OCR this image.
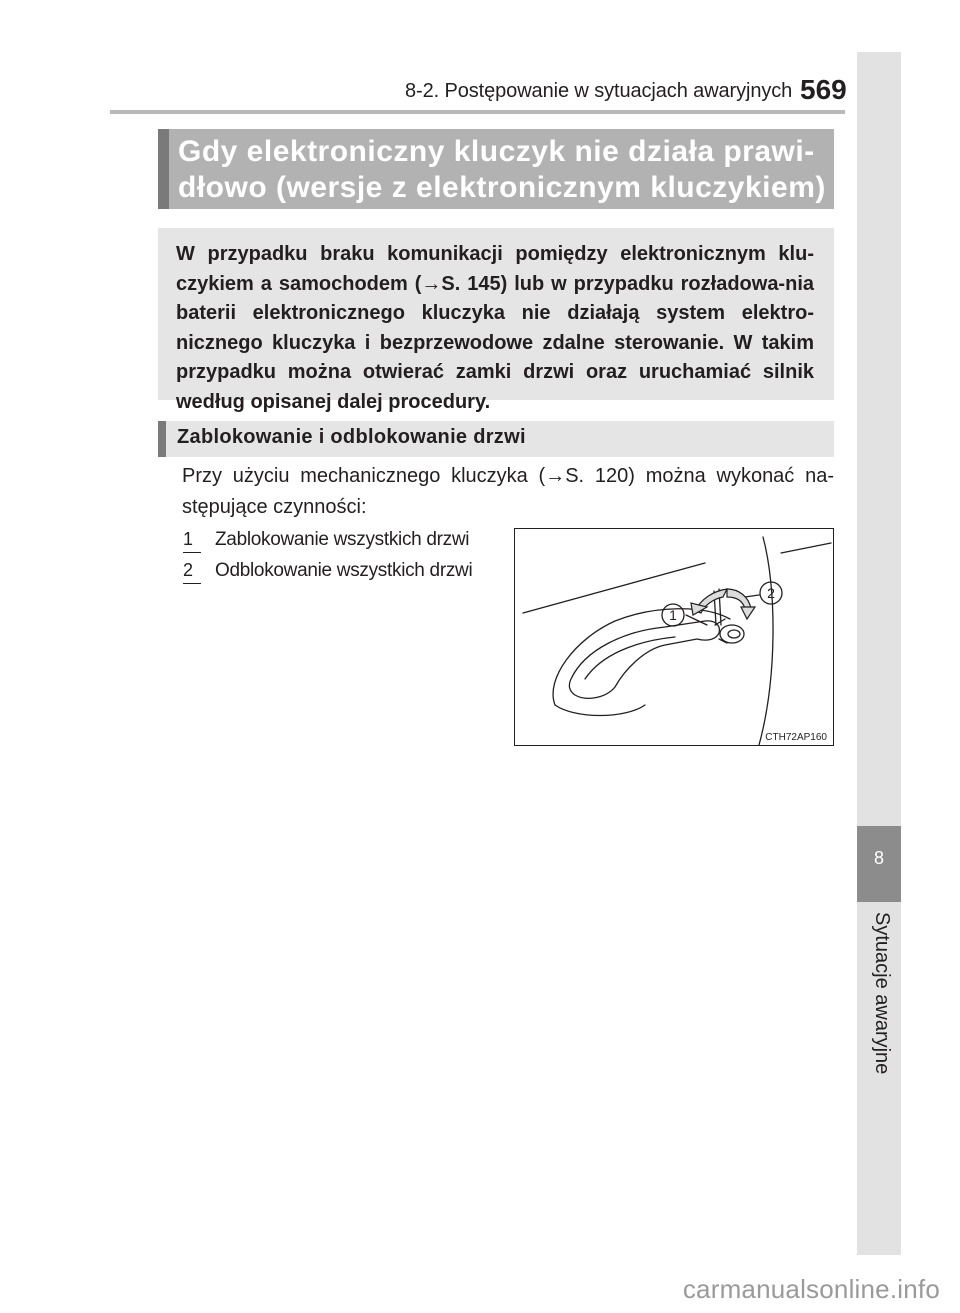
8
Sytuacje awaryjne
8-2. Postępowanie w sytuacjach awaryjnych 569
Gdy elektroniczny kluczyk nie działa prawi-
dłowo (wersje z elektronicznym kluczykiem)
W przypadku braku komunikacji pomiędzy elektronicznym klu-czykiem a samochodem (→S. 145) lub w przypadku rozładowa-nia baterii elektronicznego kluczyka nie działają system elektro-nicznego kluczyka i bezprzewodowe zdalne sterowanie. W takim przypadku można otwierać zamki drzwi oraz uruchamiać silnik według opisanej dalej procedury.
Zablokowanie i odblokowanie drzwi
Przy użyciu mechanicznego kluczyka (→S. 120) można wykonać na-stępujące czynności:
1 Zablokowanie wszystkich drzwi
2 Odblokowanie wszystkich drzwi
1
2
CTH72AP160
carmanualsonline.info
